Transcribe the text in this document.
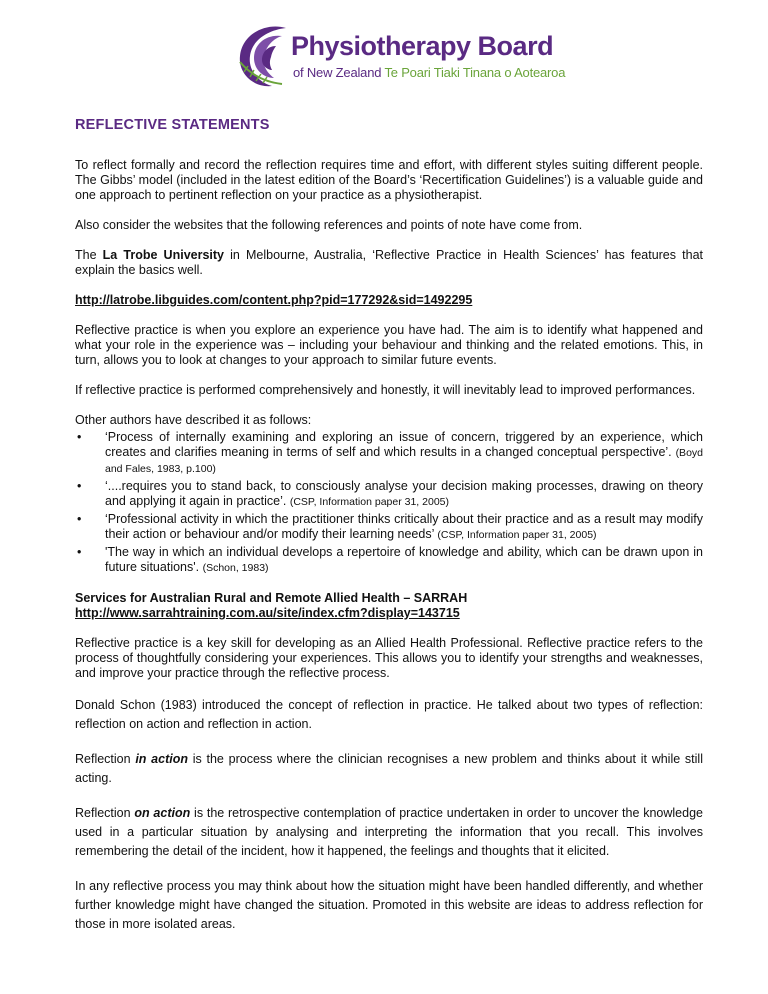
Physiotherapy Board
of New Zealand Te Poari Tiaki Tinana o Aotearoa
REFLECTIVE STATEMENTS

To reflect formally and record the reflection requires time and effort, with different styles suiting different people. The Gibbs’ model (included in the latest edition of the Board’s ‘Recertification Guidelines’) is a valuable guide and one approach to pertinent reflection on your practice as a physiotherapist.

Also consider the websites that the following references and points of note have come from.

The La Trobe University in Melbourne, Australia, ‘Reflective Practice in Health Sciences’ has features that explain the basics well.

http://latrobe.libguides.com/content.php?pid=177292&sid=1492295

Reflective practice is when you explore an experience you have had. The aim is to identify what happened and what your role in the experience was – including your behaviour and thinking and the related emotions. This, in turn, allows you to look at changes to your approach to similar future events.

If reflective practice is performed comprehensively and honestly, it will inevitably lead to improved performances.

Other authors have described it as follows:

• ‘Process of internally examining and exploring an issue of concern, triggered by an experience, which creates and clarifies meaning in terms of self and which results in a changed conceptual perspective’. (Boyd and Fales, 1983, p.100)
• ‘....requires you to stand back, to consciously analyse your decision making processes, drawing on theory and applying it again in practice’. (CSP, Information paper 31, 2005)
• ‘Professional activity in which the practitioner thinks critically about their practice and as a result may modify their action or behaviour and/or modify their learning needs’ (CSP, Information paper 31, 2005)
• 'The way in which an individual develops a repertoire of knowledge and ability, which can be drawn upon in future situations'. (Schon, 1983)
Services for Australian Rural and Remote Allied Health – SARRAH
http://www.sarrahtraining.com.au/site/index.cfm?display=143715

Reflective practice is a key skill for developing as an Allied Health Professional. Reflective practice refers to the process of thoughtfully considering your experiences. This allows you to identify your strengths and weaknesses, and improve your practice through the reflective process.

Donald Schon (1983) introduced the concept of reflection in practice. He talked about two types of reflection: reflection on action and reflection in action.

Reflection in action is the process where the clinician recognises a new problem and thinks about it while still acting.

Reflection on action is the retrospective contemplation of practice undertaken in order to uncover the knowledge used in a particular situation by analysing and interpreting the information that you recall. This involves remembering the detail of the incident, how it happened, the feelings and thoughts that it elicited.

In any reflective process you may think about how the situation might have been handled differently, and whether further knowledge might have changed the situation. Promoted in this website are ideas to address reflection for those in more isolated areas.
